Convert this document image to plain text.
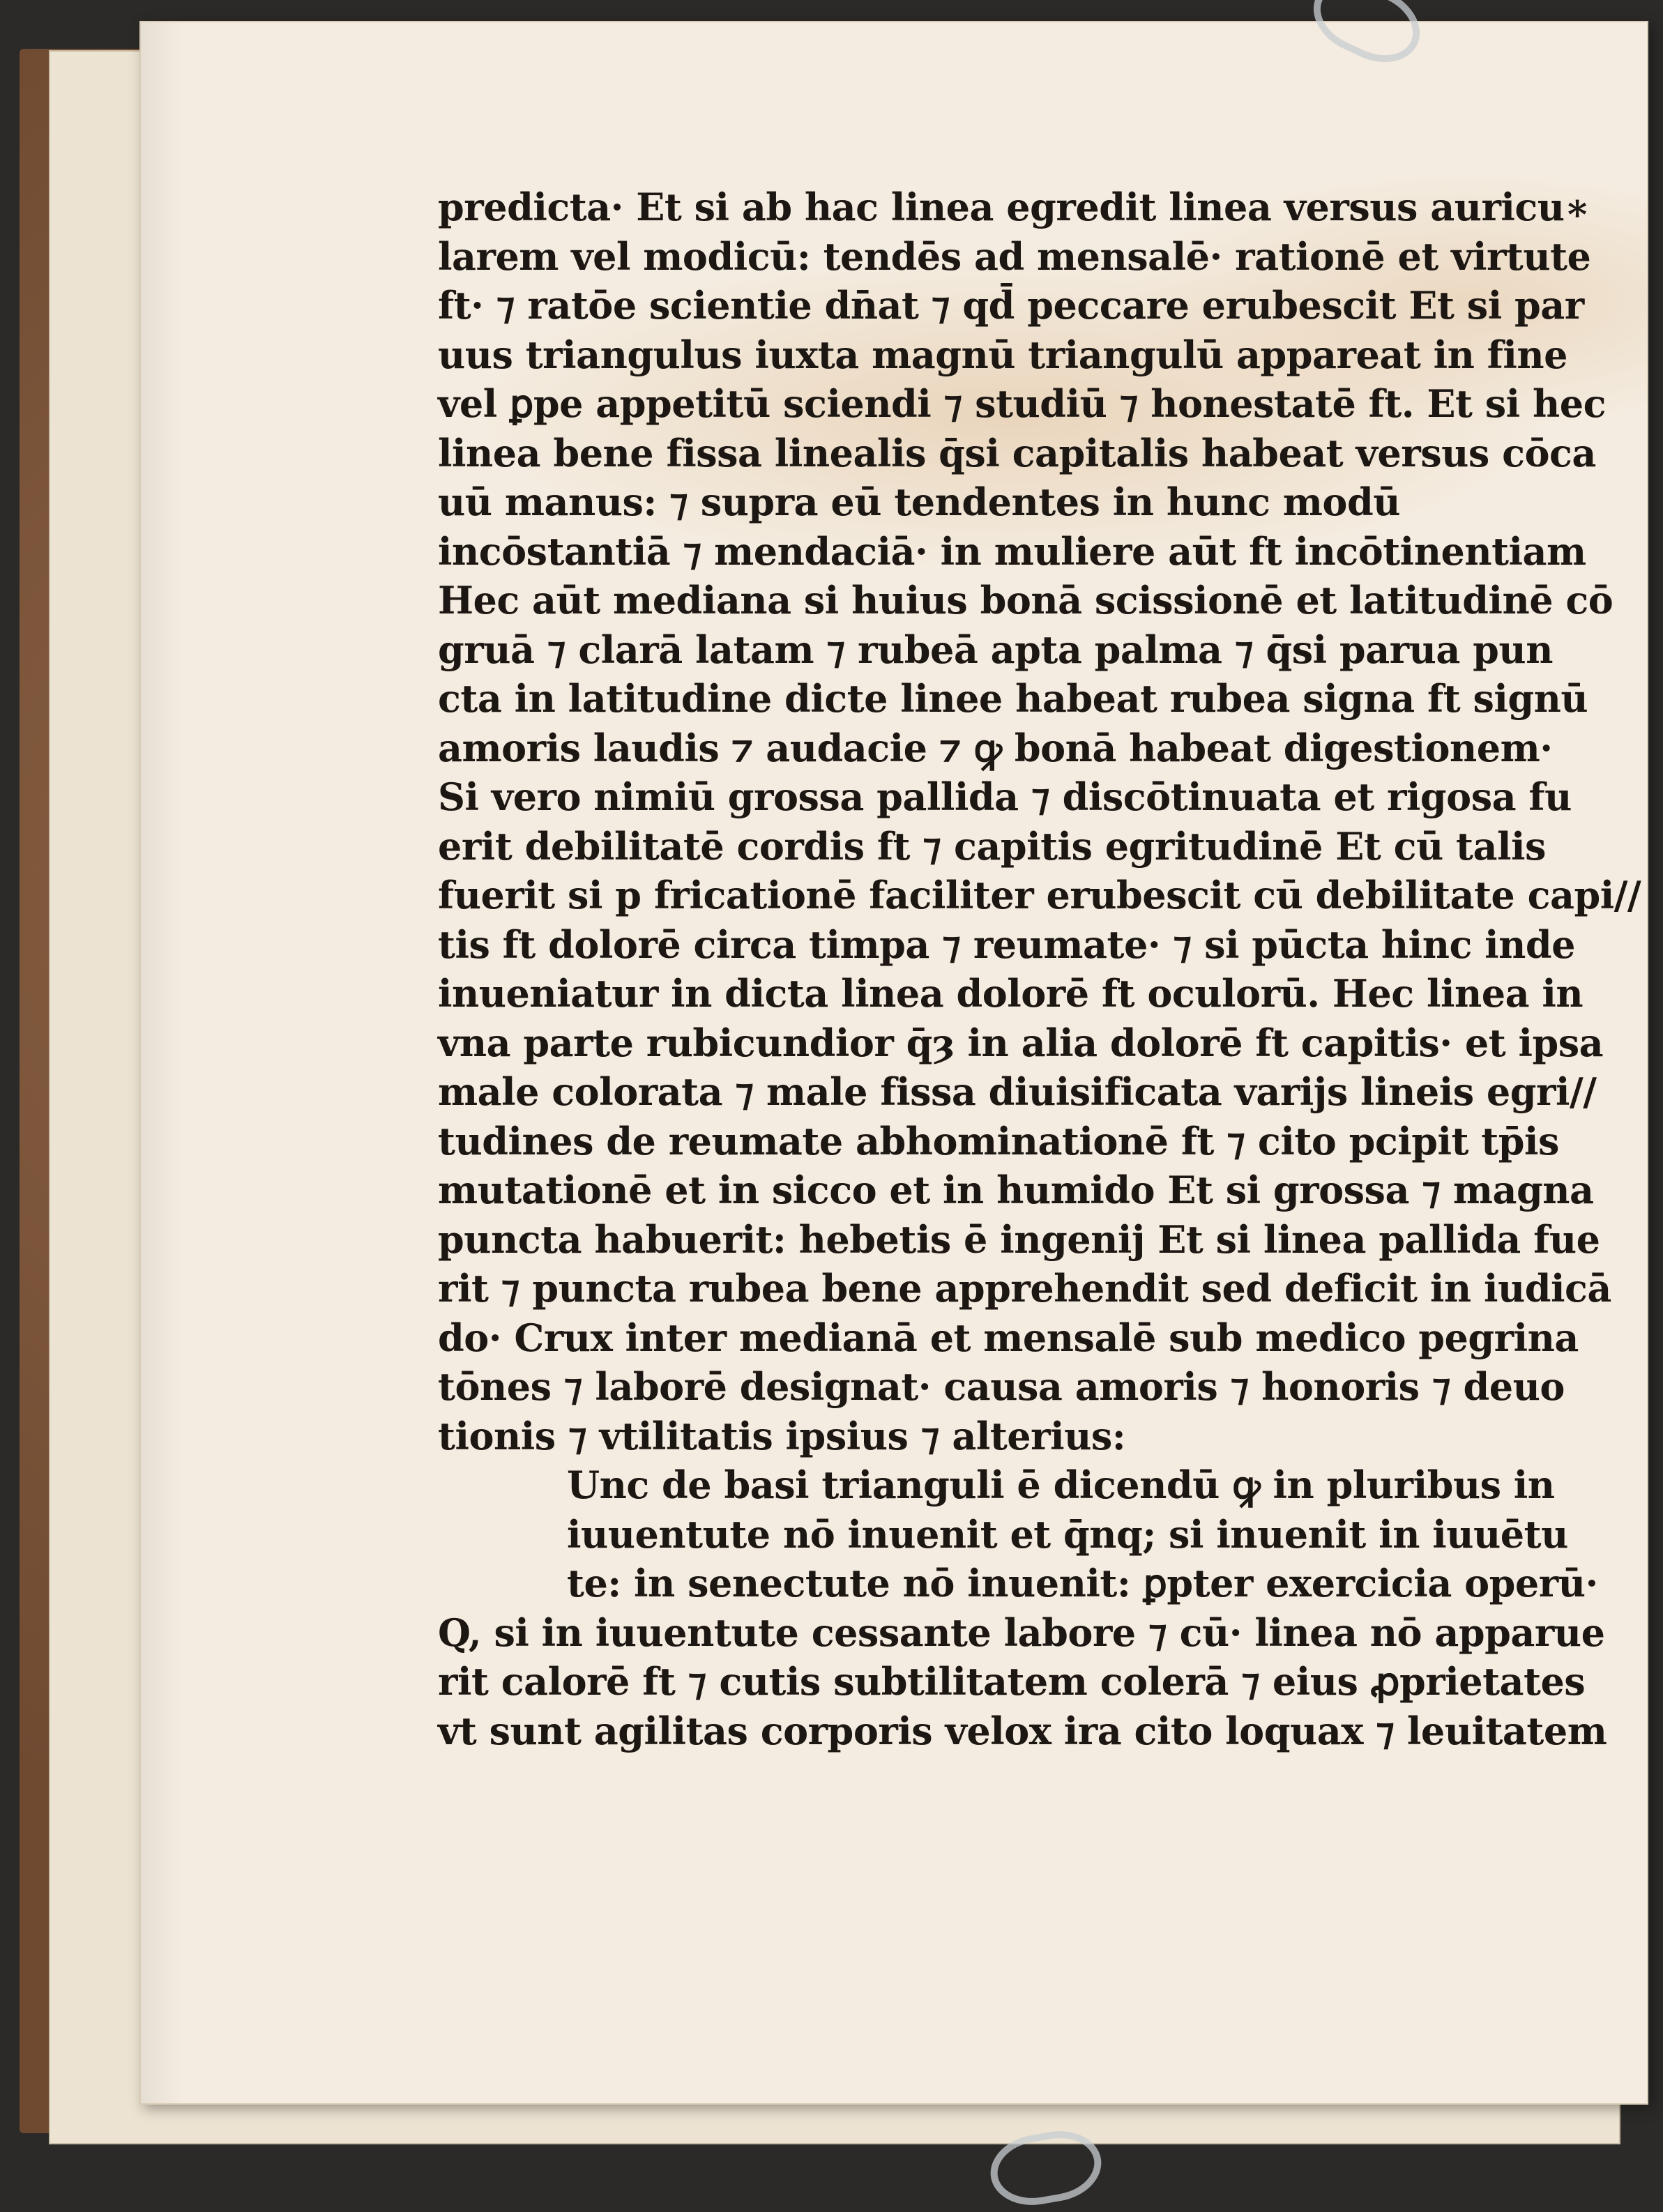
predicta· Et si ab hac linea egredit linea versus auricu∗
larem vel modicū: tendēs ad mensalē· rationē et virtute
ft· ⁊ ratōe scientie dn̄at ⁊ qd̄ peccare erubescit Et si par
uus triangulus iuxta magnū triangulū appareat in fine
vel ꝑpe appetitū sciendi ⁊ studiū ⁊ honestatē ft. Et si hec
linea bene fissa linealis q̄si capitalis habeat versus cōca
uū manus: ⁊ supra eū tendentes in hunc modū
incōstantiā ⁊ mendaciā· in muliere aūt ft incōtinentiam
Hec aūt mediana si huius bonā scissionē et latitudinē cō
gruā ⁊ clarā latam ⁊ rubeā apta palma ⁊ q̄si parua pun
cta in latitudine dicte linee habeat rubea signa ft signū
amoris laudis ⁊ audacie ⁊ ꝙ bonā habeat digestionem·
Si vero nimiū grossa pallida ⁊ discōtinuata et rigosa fu
erit debilitatē cordis ft ⁊ capitis egritudinē Et cū talis
fuerit si p fricationē faciliter erubescit cū debilitate capi//
tis ft dolorē circa timpa ⁊ reumate· ⁊ si pūcta hinc inde
inueniatur in dicta linea dolorē ft oculorū. Hec linea in
vna parte rubicundior q̄ȝ in alia dolorē ft capitis· et ipsa
male colorata ⁊ male fissa diuisificata varijs lineis egri//
tudines de reumate abhominationē ft ⁊ cito pcipit tp̄is
mutationē et in sicco et in humido Et si grossa ⁊ magna
puncta habuerit: hebetis ē ingenij Et si linea pallida fue
rit ⁊ puncta rubea bene apprehendit sed deficit in iudicā
do· Crux inter medianā et mensalē sub medico pegrina
tōnes ⁊ laborē designat· causa amoris ⁊ honoris ⁊ deuo
tionis ⁊ vtilitatis ipsius ⁊ alterius:
Unc de basi trianguli ē dicendū ꝙ in pluribus in
iuuentute nō inuenit et q̄nq; si inuenit in iuuētu
te: in senectute nō inuenit: ꝑpter exercicia operū·
Q, si in iuuentute cessante labore ⁊ cū· linea nō apparue
rit calorē ft ⁊ cutis subtilitatem colerā ⁊ eius ꝓprietates
vt sunt agilitas corporis velox ira cito loquax ⁊ leuitatem
